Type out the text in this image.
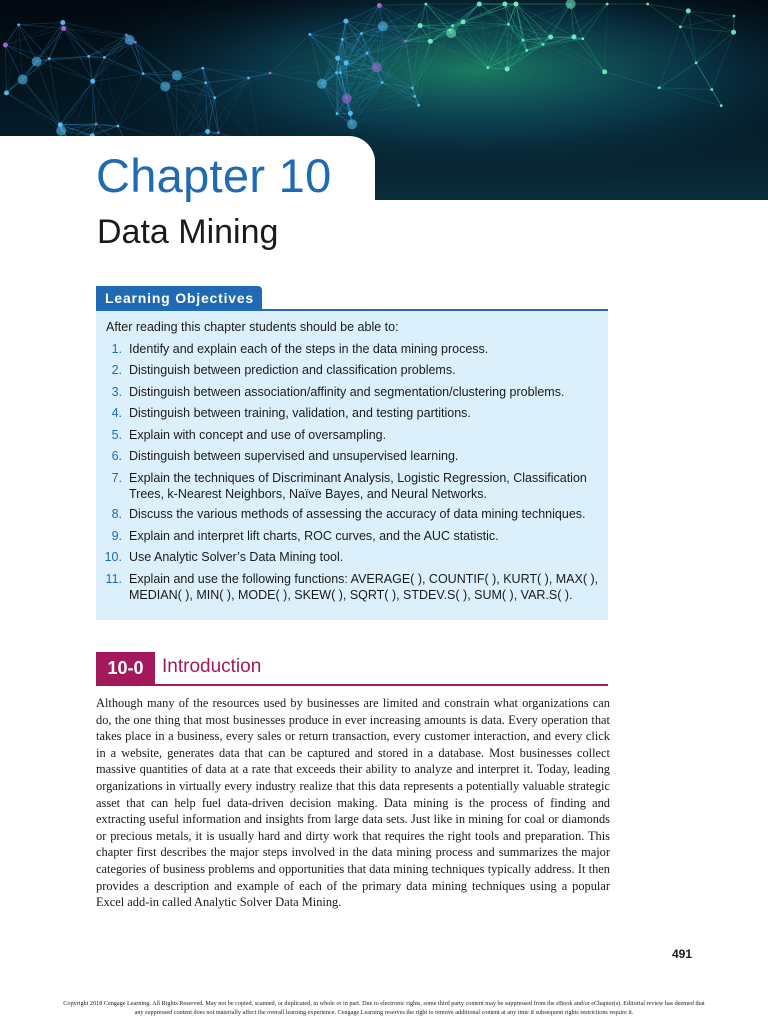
Chapter 10
Data Mining
Learning Objectives
After reading this chapter students should be able to:
1. Identify and explain each of the steps in the data mining process.
2. Distinguish between prediction and classification problems.
3. Distinguish between association/affinity and segmentation/clustering problems.
4. Distinguish between training, validation, and testing partitions.
5. Explain with concept and use of oversampling.
6. Distinguish between supervised and unsupervised learning.
7. Explain the techniques of Discriminant Analysis, Logistic Regression, Classification Trees, k-Nearest Neighbors, Naïve Bayes, and Neural Networks.
8. Discuss the various methods of assessing the accuracy of data mining techniques.
9. Explain and interpret lift charts, ROC curves, and the AUC statistic.
10. Use Analytic Solver’s Data Mining tool.
11. Explain and use the following functions: AVERAGE( ), COUNTIF( ), KURT( ), MAX( ), MEDIAN( ), MIN( ), MODE( ), SKEW( ), SQRT( ), STDEV.S( ), SUM( ), VAR.S( ).
10-0 Introduction

Although many of the resources used by businesses are limited and constrain what organizations can do, the one thing that most businesses produce in ever increasing amounts is data. Every operation that takes place in a business, every sales or return transaction, every customer interaction, and every click in a website, generates data that can be captured and stored in a database. Most businesses collect massive quantities of data at a rate that exceeds their ability to analyze and interpret it. Today, leading organizations in virtually every industry realize that this data represents a potentially valuable strategic asset that can help fuel data-driven decision making. Data mining is the process of finding and extracting useful information and insights from large data sets. Just like in mining for coal or diamonds or precious metals, it is usually hard and dirty work that requires the right tools and preparation. This chapter first describes the major steps involved in the data mining process and summarizes the major categories of business problems and opportunities that data mining techniques typically address. It then provides a description and example of each of the primary data mining techniques using a popular Excel add-in called Analytic Solver Data Mining.

491
Copyright 2018 Cengage Learning. All Rights Reserved. May not be copied, scanned, or duplicated, in whole or in part. Due to electronic rights, some third party content may be suppressed from the eBook and/or eChapter(s). Editorial review has deemed that any suppressed content does not materially affect the overall learning experience. Cengage Learning reserves the right to remove additional content at any time if subsequent rights restrictions require it.
